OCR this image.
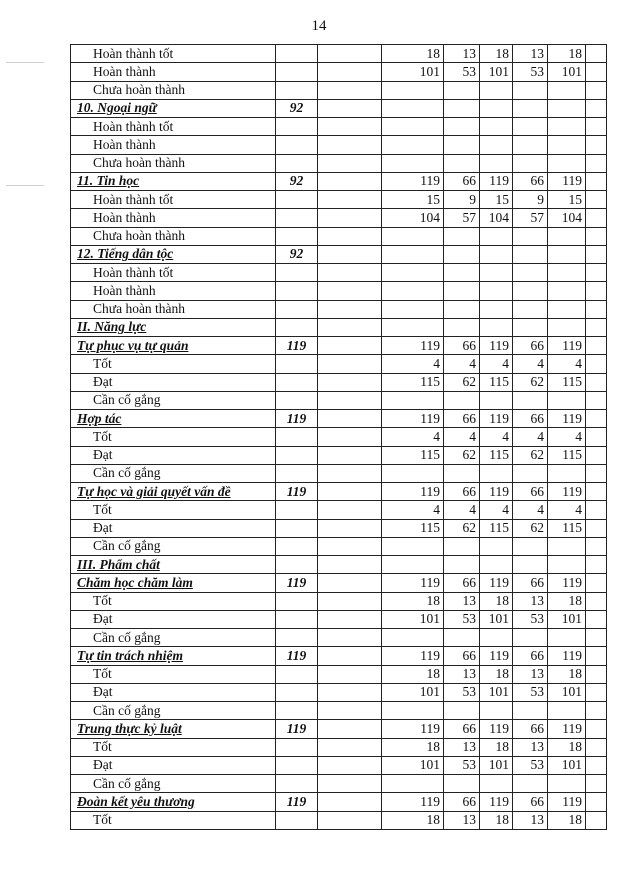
14
Hoàn thành tốt			18	13	18	13	18		
Hoàn thành			101	53	101	53	101		
Chưa hoàn thành									
10. Ngoại ngữ	92								
Hoàn thành tốt									
Hoàn thành									
Chưa hoàn thành									
11. Tin học	92		119	66	119	66	119		
Hoàn thành tốt			15	9	15	9	15		
Hoàn thành			104	57	104	57	104		
Chưa hoàn thành									
12. Tiếng dân tộc	92								
Hoàn thành tốt									
Hoàn thành									
Chưa hoàn thành									
II. Năng lực									
Tự phục vụ tự quản	119		119	66	119	66	119		
Tốt			4	4	4	4	4		
Đạt			115	62	115	62	115		
Cần cố gắng									
Hợp tác	119		119	66	119	66	119		
Tốt			4	4	4	4	4		
Đạt			115	62	115	62	115		
Cần cố gắng									
Tự học và giải quyết vấn đề	119		119	66	119	66	119		
Tốt			4	4	4	4	4		
Đạt			115	62	115	62	115		
Cần cố gắng									
III. Phẩm chất									
Chăm học chăm làm	119		119	66	119	66	119		
Tốt			18	13	18	13	18		
Đạt			101	53	101	53	101		
Cần cố gắng									
Tự tin trách nhiệm	119		119	66	119	66	119		
Tốt			18	13	18	13	18		
Đạt			101	53	101	53	101		
Cần cố gắng									
Trung thực kỷ luật	119		119	66	119	66	119		
Tốt			18	13	18	13	18		
Đạt			101	53	101	53	101		
Cần cố gắng									
Đoàn kết yêu thương	119		119	66	119	66	119		
Tốt			18	13	18	13	18		
